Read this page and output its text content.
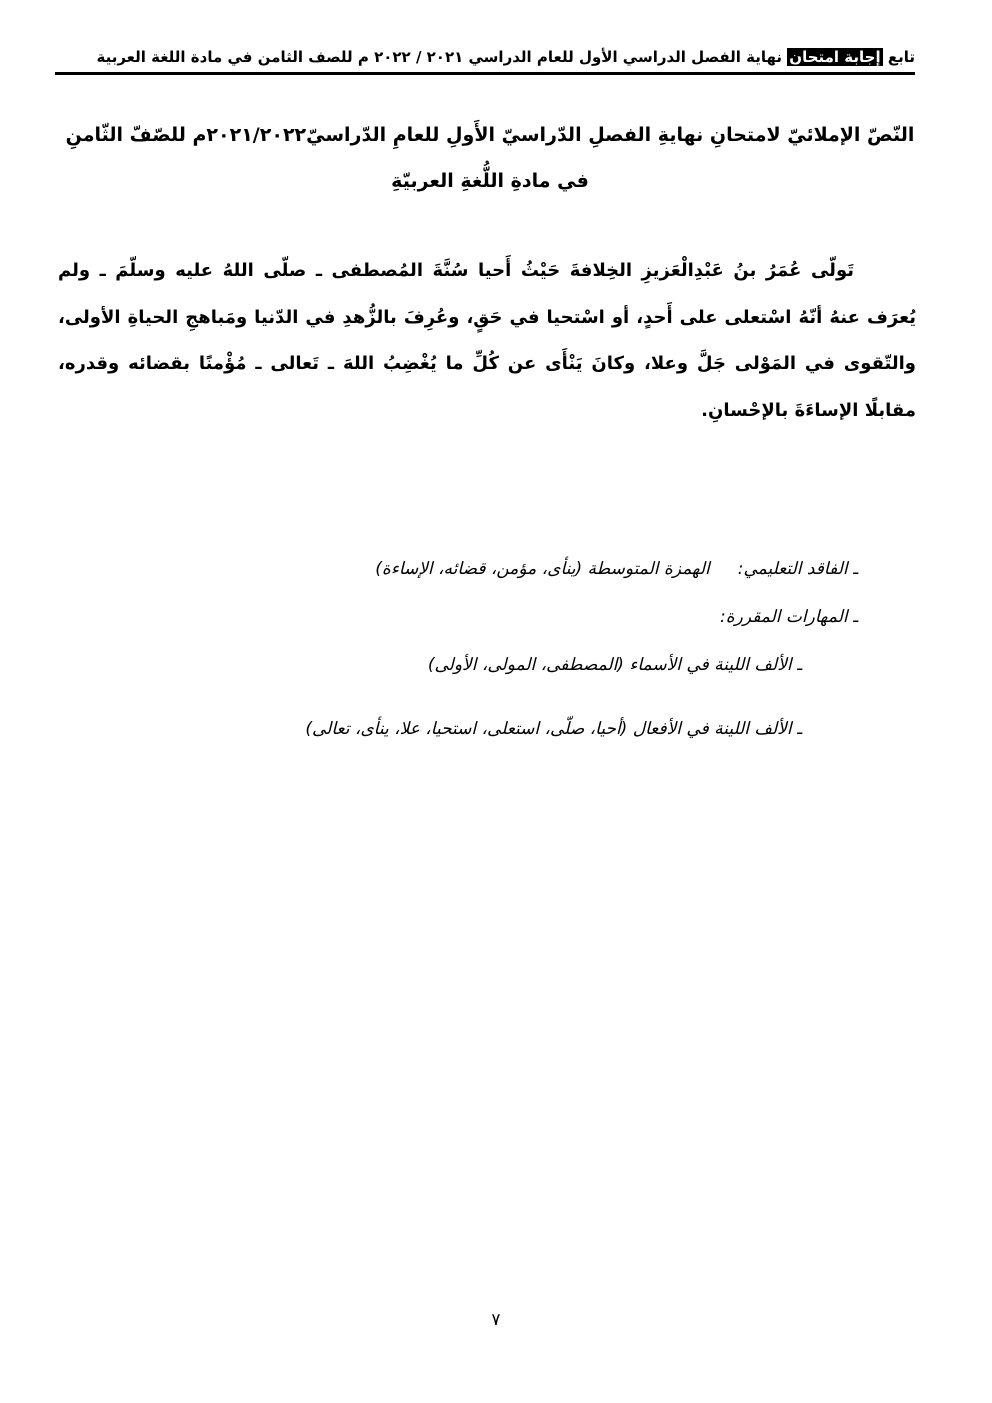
تابع إجابة امتحان نهاية الفصل الدراسي الأول للعام الدراسي ٢٠٢١ / ٢٠٢٢ م للصف الثامن في مادة اللغة العربية
النّصّ الإملائيّ لامتحانِ نهايةِ الفصلِ الدّراسيّ الأَولِ للعامِ الدّراسيّ٢٠٢١/٢٠٢٢م للصّفّ الثّامنِ
في مادةِ اللُّغةِ العربيّةِ
تَولّى عُمَرُ بنُ عَبْدِالْعَزيزِ الخِلافةَ حَيْثُ أَحيا سُنَّةَ المُصطفى ـ صلّى اللهُ عليه وسلّمَ ـ ولم يُعرَف عنهُ أنّهُ اسْتعلى على أَحدٍ، أو اسْتحيا في حَقٍ، وعُرِفَ بالزُّهدِ في الدّنيا ومَباهجِ الحياةِ الأولى، والتّقوى في المَوْلى جَلَّ وعلا، وكانَ يَنْأَى عن كُلِّ ما يُغْضِبُ اللهَ ـ تَعالى ـ مُؤْمنًا بقضائه وقدره، مقابلًا الإساءَةَ بالإحْسانِ.
ـ الفاقد التعليمي:الهمزة المتوسطة (ينأى، مؤمن، قضائه، الإساءة)
ـ المهارات المقررة:
ـ الألف اللينة في الأسماء (المصطفى، المولى، الأولى)
ـ الألف اللينة في الأفعال (أحيا، صلّى، استعلى، استحيا، علا، ينأى، تعالى)
٧
